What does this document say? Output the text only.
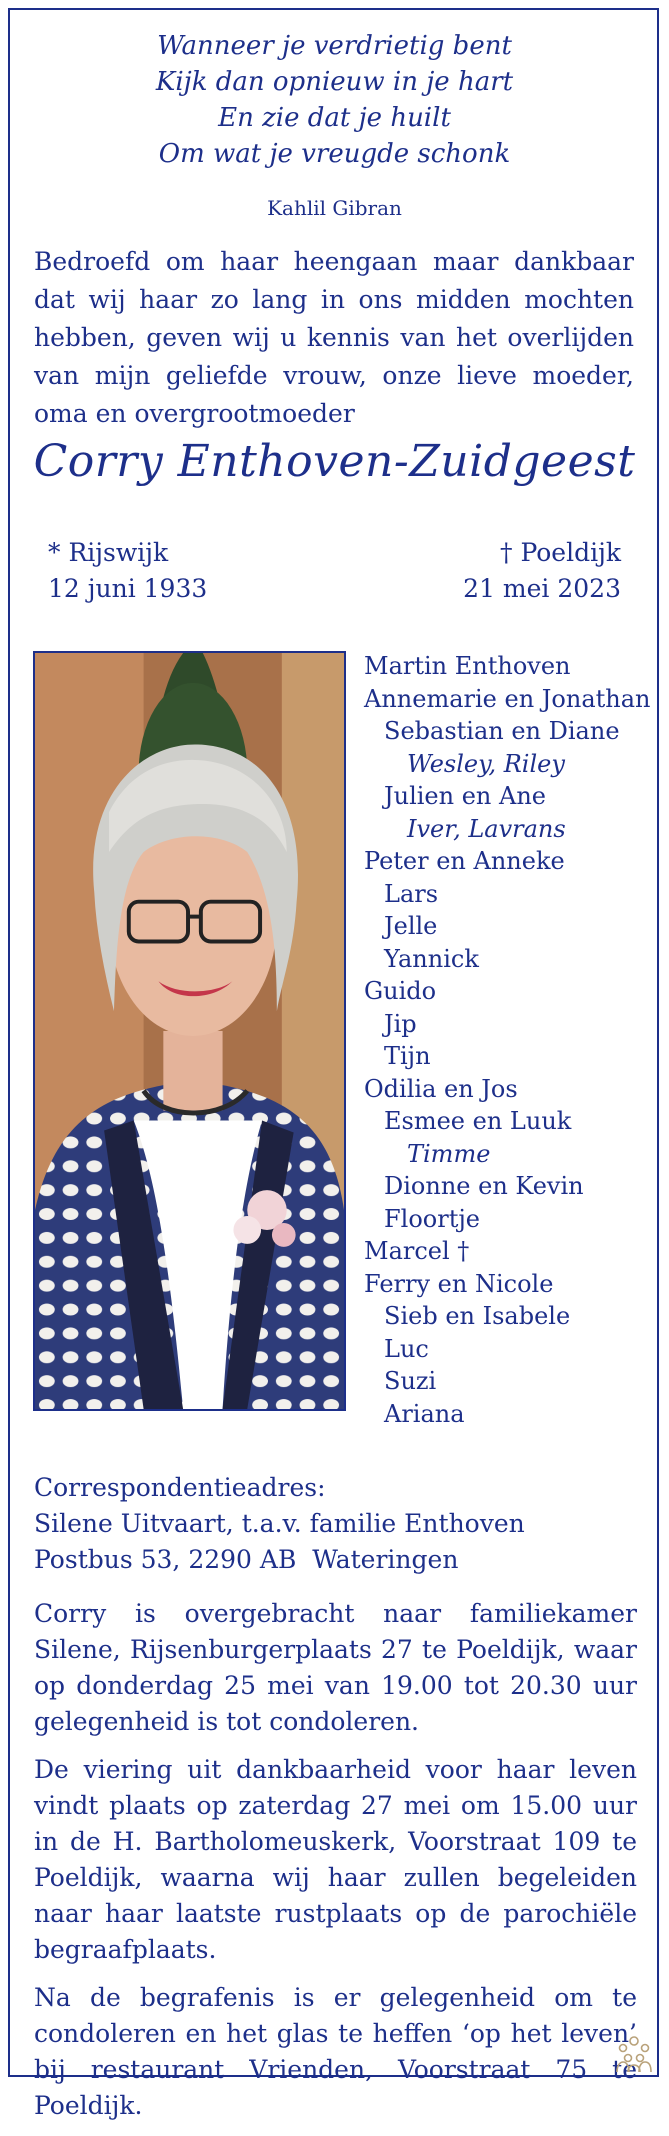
Wanneer je verdrietig bent
Kijk dan opnieuw in je hart
En zie dat je huilt
Om wat je vreugde schonk
Kahlil Gibran
Bedroefd om haar heengaan maar dankbaar dat wij haar zo lang in ons midden mochten hebben, geven wij u kennis van het overlijden van mijn geliefde vrouw, onze lieve moeder, oma en overgrootmoeder
Corry Enthoven-Zuidgeest
* Rijswijk
12 juni 1933
† Poeldijk
21 mei 2023
Martin Enthoven
Annemarie en Jonathan
Sebastian en Diane
Wesley, Riley
Julien en Ane
Iver, Lavrans
Peter en Anneke
Lars
Jelle
Yannick
Guido
Jip
Tijn
Odilia en Jos
Esmee en Luuk
Timme
Dionne en Kevin
Floortje
Marcel †
Ferry en Nicole
Sieb en Isabele
Luc
Suzi
Ariana
Correspondentieadres:
Silene Uitvaart, t.a.v. familie Enthoven
Postbus 53, 2290 AB  Wateringen

Corry is overgebracht naar familiekamer Silene, Rijsenburgerplaats 27 te Poeldijk, waar op donderdag 25 mei van 19.00 tot 20.30 uur gelegenheid is tot condoleren.

De viering uit dankbaarheid voor haar leven vindt plaats op zaterdag 27 mei om 15.00 uur in de H. Bartholomeuskerk, Voorstraat 109 te Poeldijk, waarna wij haar zullen begeleiden naar haar laatste rustplaats op de parochiële begraafplaats.

Na de begrafenis is er gelegenheid om te condoleren en het glas te heffen ‘op het leven’ bij restaurant Vrienden, Voorstraat 75 te Poeldijk.
